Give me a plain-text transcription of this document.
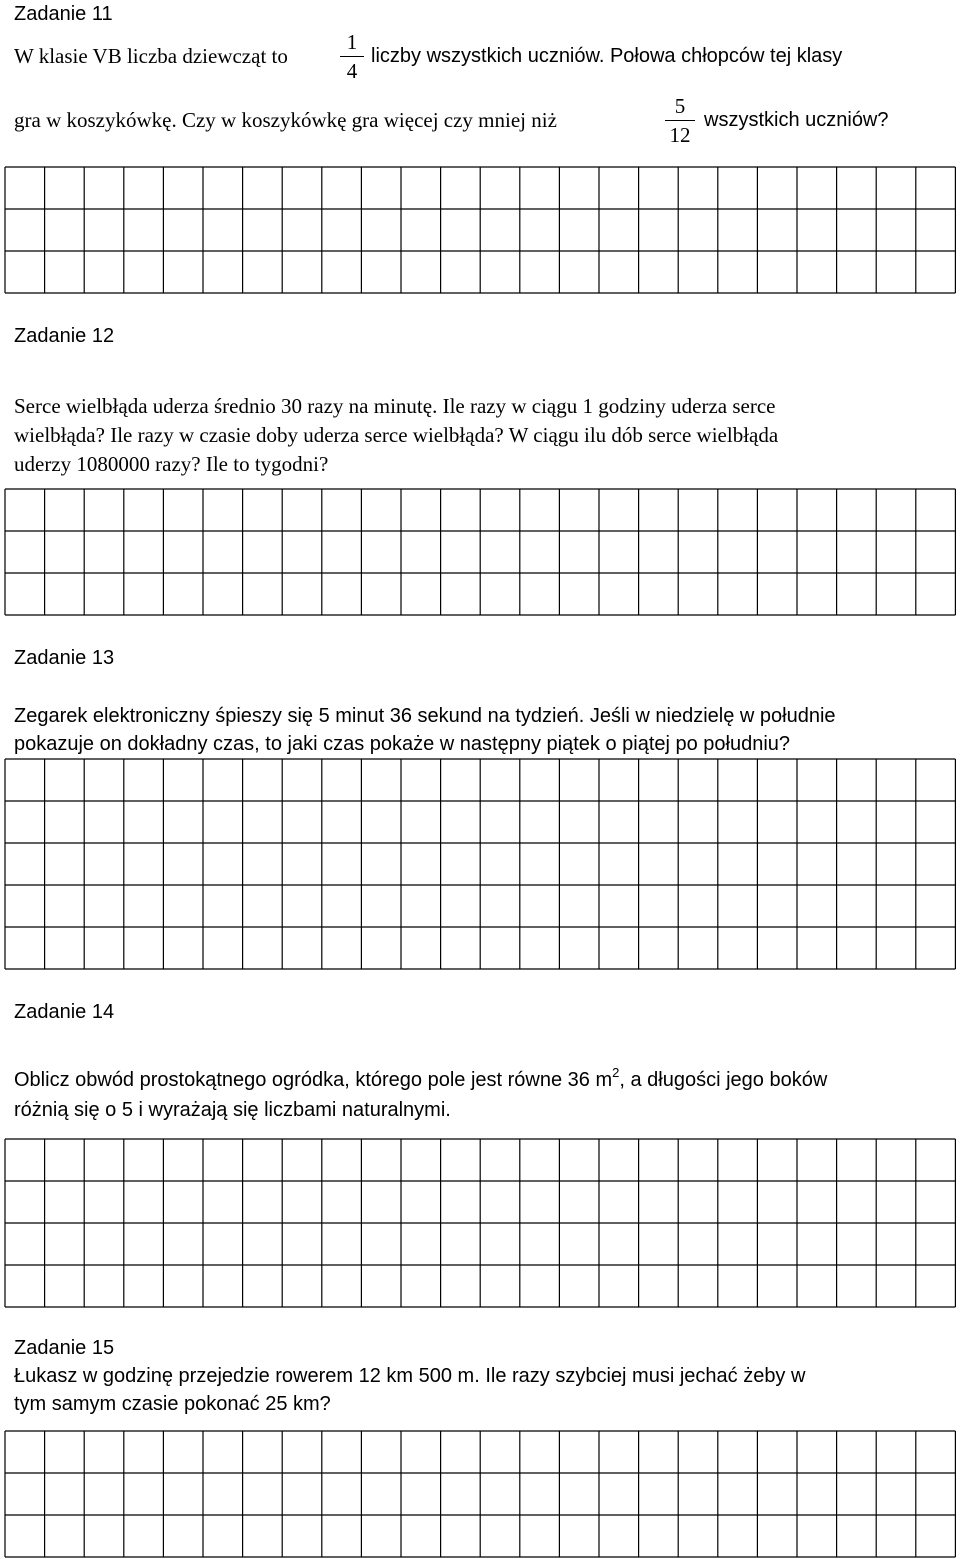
Zadanie 11
W klasie VB liczba dziewcząt to
1
4
liczby wszystkich uczniów. Połowa chłopców tej klasy
gra w koszykówkę. Czy w koszykówkę gra więcej czy mniej niż
5
12
wszystkich uczniów?
Zadanie 12
Serce wielbłąda uderza średnio 30 razy na minutę. Ile razy w ciągu 1 godziny uderza serce
wielbłąda? Ile razy w czasie doby uderza serce wielbłąda? W ciągu ilu dób serce wielbłąda
uderzy 1080000 razy? Ile to tygodni?
Zadanie 13
Zegarek elektroniczny śpieszy się 5 minut 36 sekund na tydzień. Jeśli w niedzielę w południe
pokazuje on dokładny czas, to jaki czas pokaże w następny piątek o piątej po południu?
Zadanie 14
Oblicz obwód prostokątnego ogródka, którego pole jest równe 36 $m^2$, a długości jego boków
różnią się o 5 i wyrażają się liczbami naturalnymi.
Zadanie 15
Łukasz w godzinę przejedzie rowerem 12 km 500 m. Ile razy szybciej musi jechać żeby w
tym samym czasie pokonać 25 km?
